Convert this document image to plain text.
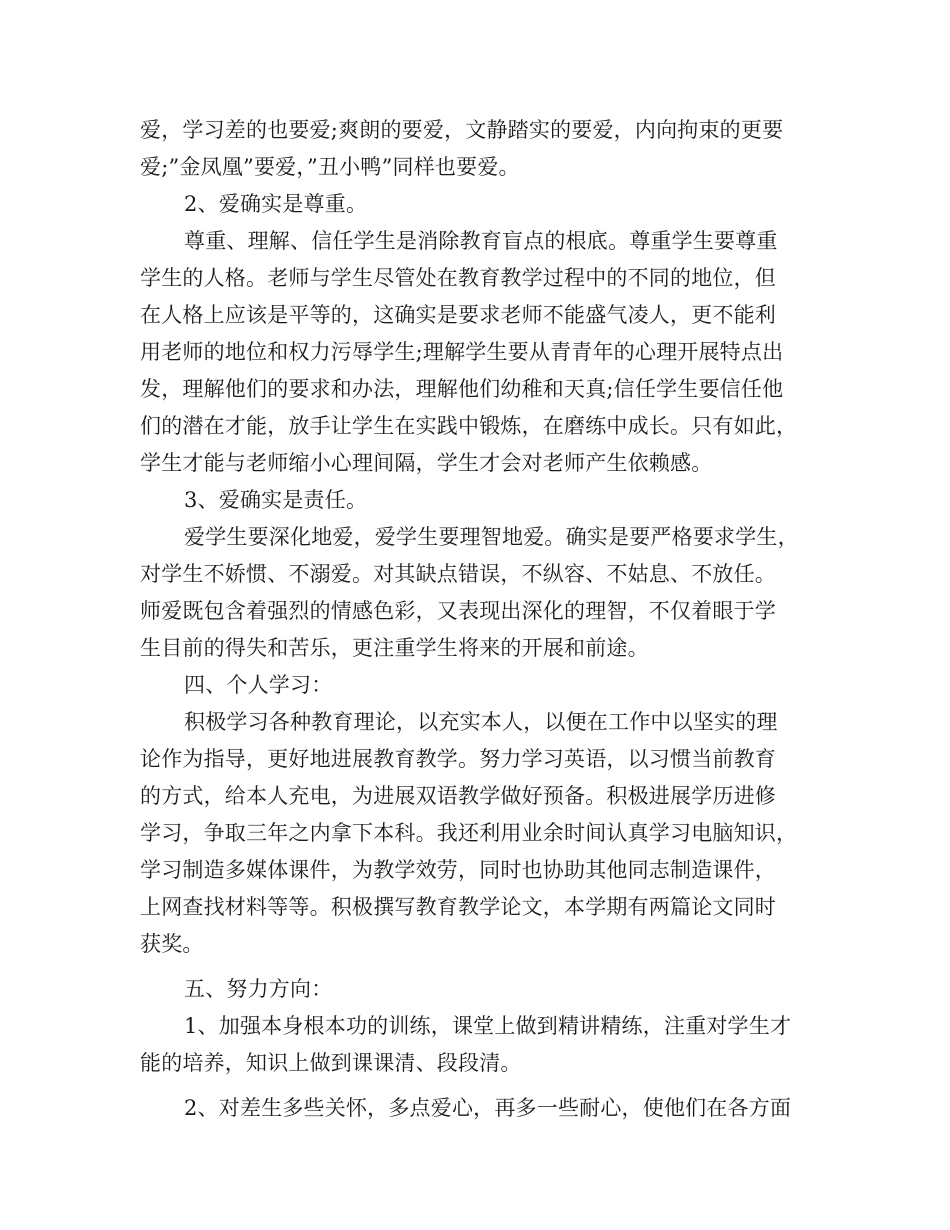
爱，学习差的也要爱;爽朗的要爱，文静踏实的要爱，内向拘束的更要
爱;”金凤凰”要爱，”丑小鸭”同样也要爱。
2、爱确实是尊重。
尊重、理解、信任学生是消除教育盲点的根底。尊重学生要尊重
学生的人格。老师与学生尽管处在教育教学过程中的不同的地位，但
在人格上应该是平等的，这确实是要求老师不能盛气凌人，更不能利
用老师的地位和权力污辱学生;理解学生要从青青年的心理开展特点出
发，理解他们的要求和办法，理解他们幼稚和天真;信任学生要信任他
们的潜在才能，放手让学生在实践中锻炼，在磨练中成长。只有如此，
学生才能与老师缩小心理间隔，学生才会对老师产生依赖感。
3、爱确实是责任。
爱学生要深化地爱，爱学生要理智地爱。确实是要严格要求学生，
对学生不娇惯、不溺爱。对其缺点错误，不纵容、不姑息、不放任。
师爱既包含着强烈的情感色彩，又表现出深化的理智，不仅着眼于学
生目前的得失和苦乐，更注重学生将来的开展和前途。
四、个人学习：
积极学习各种教育理论，以充实本人，以便在工作中以坚实的理
论作为指导，更好地进展教育教学。努力学习英语，以习惯当前教育
的方式，给本人充电，为进展双语教学做好预备。积极进展学历进修
学习，争取三年之内拿下本科。我还利用业余时间认真学习电脑知识，
学习制造多媒体课件，为教学效劳，同时也协助其他同志制造课件，
上网查找材料等等。积极撰写教育教学论文，本学期有两篇论文同时
获奖。
五、努力方向：
1、加强本身根本功的训练，课堂上做到精讲精练，注重对学生才
能的培养，知识上做到课课清、段段清。
2、对差生多些关怀，多点爱心，再多一些耐心，使他们在各方面
